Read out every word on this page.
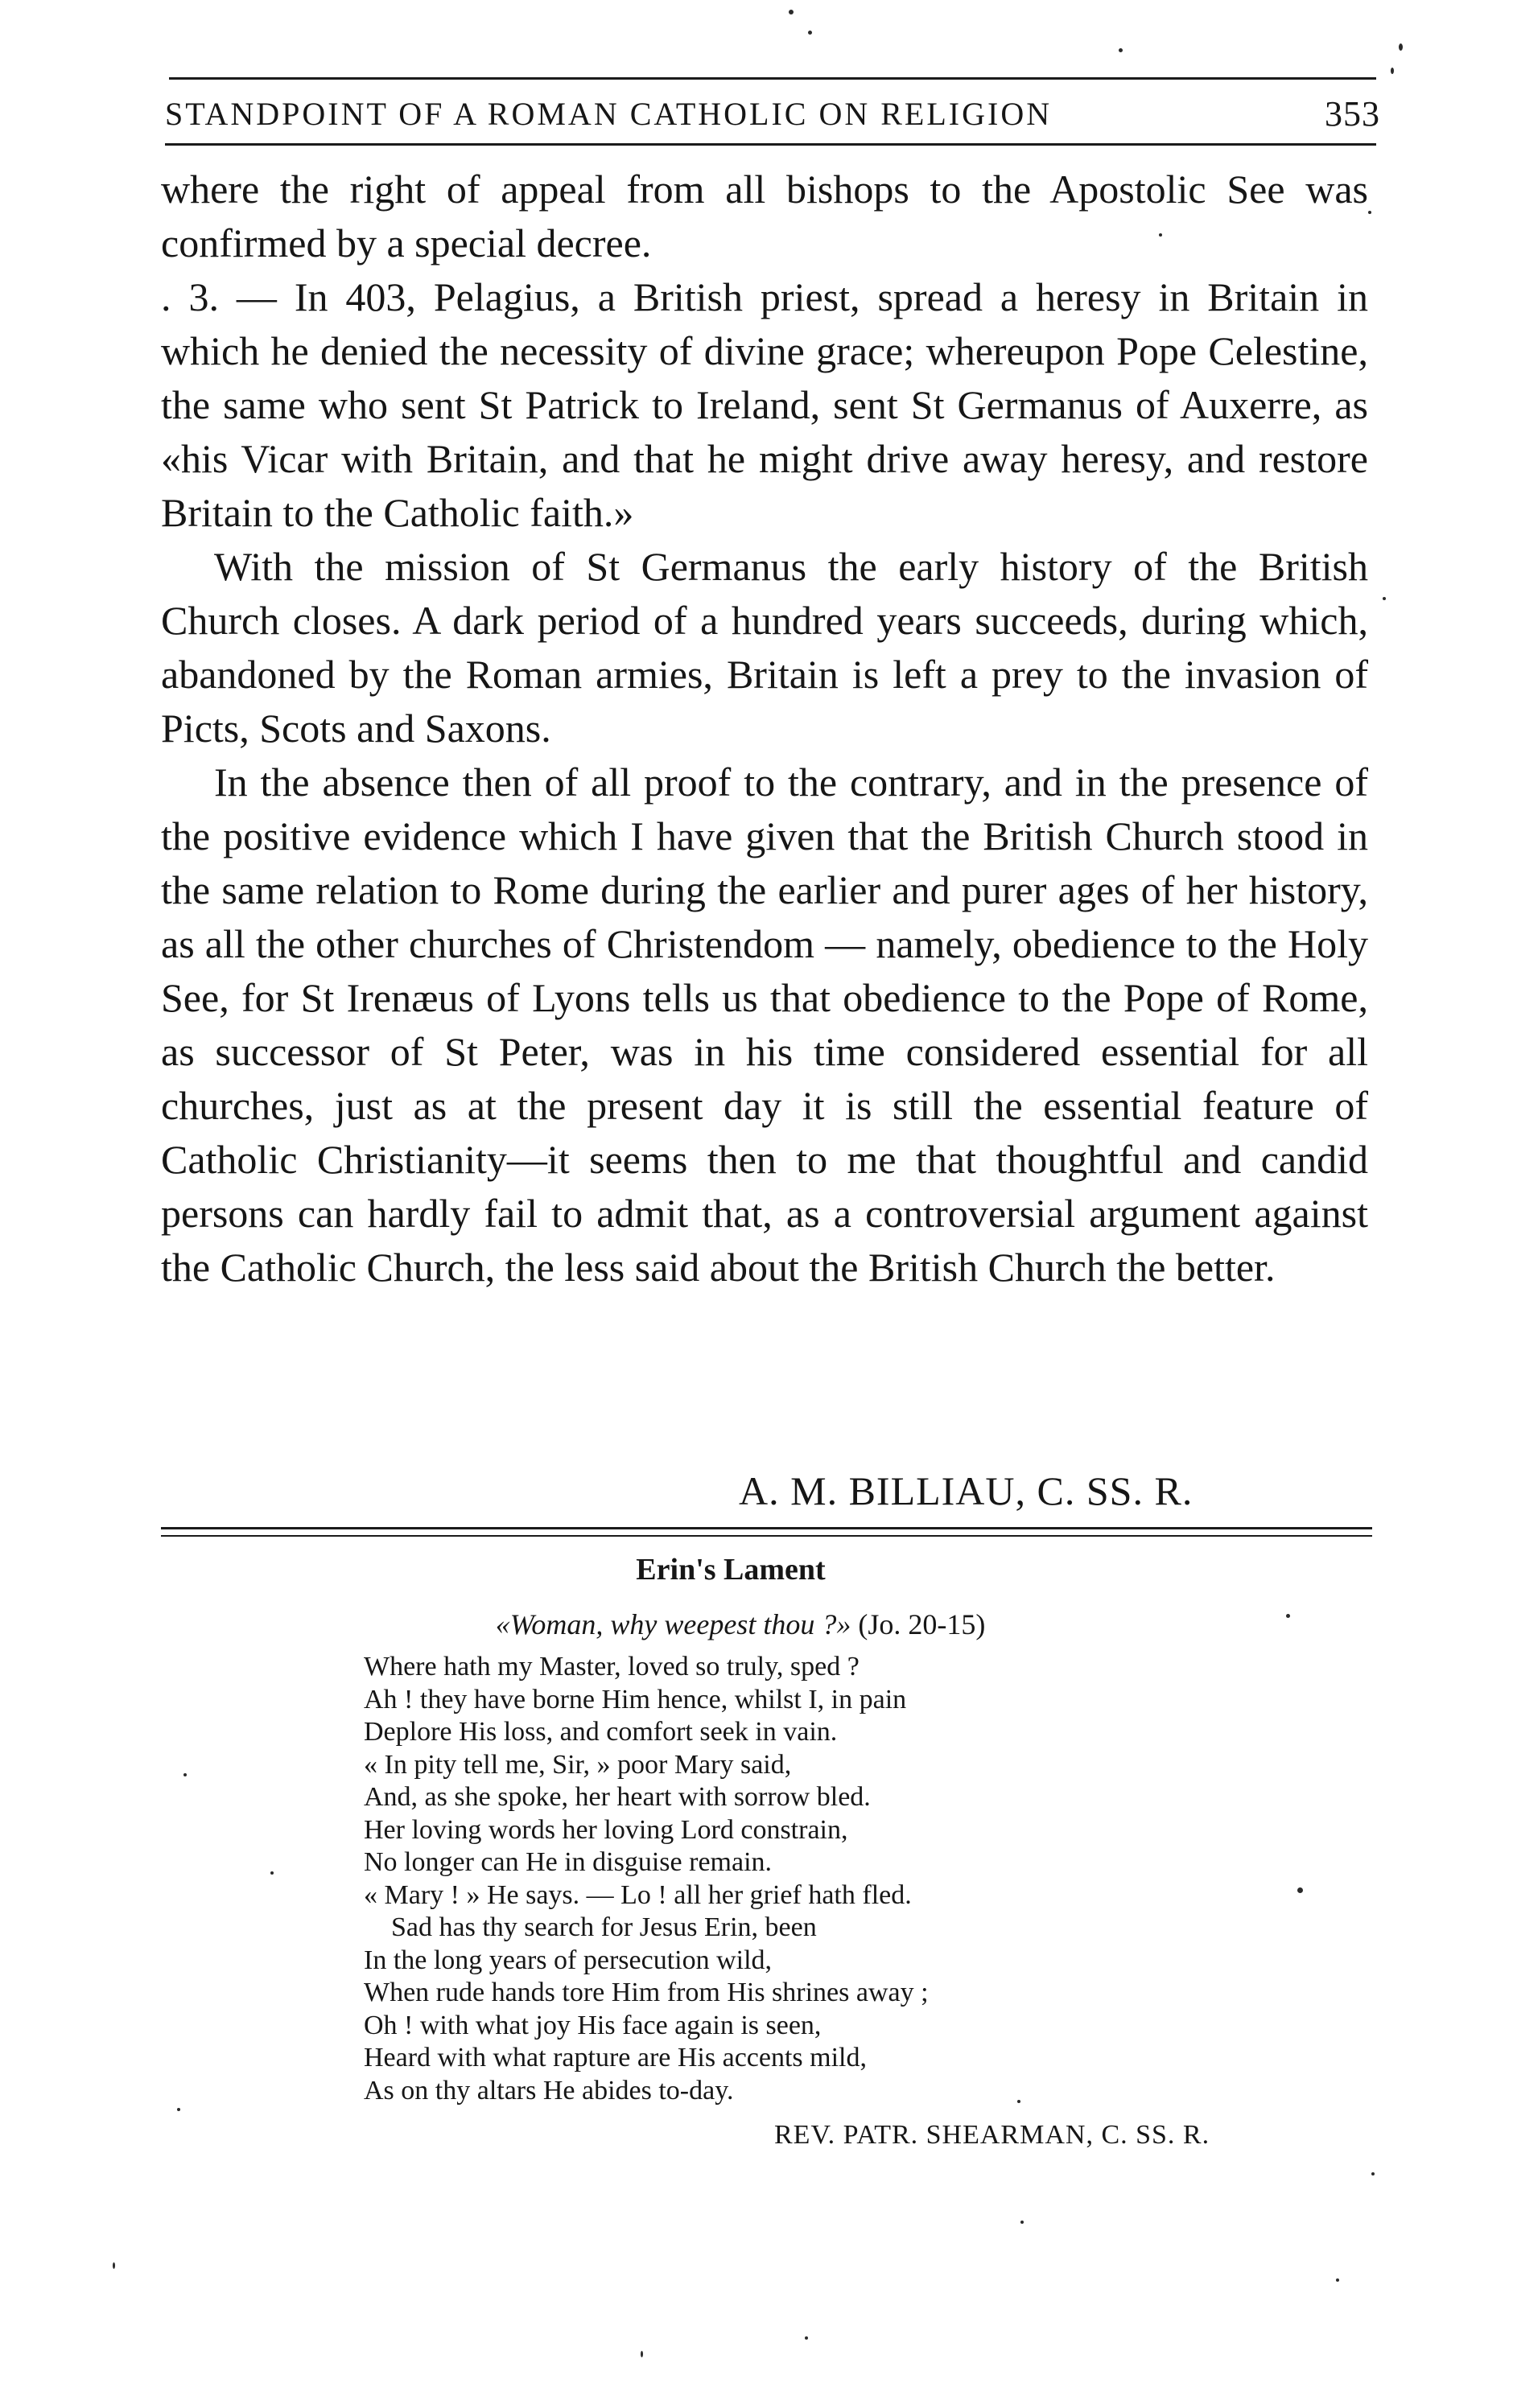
STANDPOINT OF A ROMAN CATHOLIC ON RELIGION	353

where the right of appeal from all bishops to the Apostolic See was confirmed by a special decree.

. 3. — In 403, Pelagius, a British priest, spread a heresy in Britain in which he denied the necessity of divine grace; whereupon Pope Celestine, the same who sent St Patrick to Ireland, sent St Germanus of Auxerre, as «his Vicar with Britain, and that he might drive away heresy, and restore Britain to the Catholic faith.»

With the mission of St Germanus the early history of the British Church closes. A dark period of a hundred years succeeds, during which, abandoned by the Roman armies, Britain is left a prey to the invasion of Picts, Scots and Saxons.

In the absence then of all proof to the contrary, and in the presence of the positive evidence which I have given that the British Church stood in the same relation to Rome during the earlier and purer ages of her history, as all the other churches of Christendom — namely, obedience to the Holy See, for St Irenæus of Lyons tells us that obedience to the Pope of Rome, as successor of St Peter, was in his time considered essential for all churches, just as at the present day it is still the essential feature of Catholic Christianity—it seems then to me that thoughtful and candid persons can hardly fail to admit that, as a controversial argument against the Catholic Church, the less said about the British Church the better.

A. M. BILLIAU, C. SS. R.
Erin's Lament
«Woman, why weepest thou ?» (Jo. 20-15)
Where hath my Master, loved so truly, sped ?
Ah ! they have borne Him hence, whilst I, in pain
Deplore His loss, and comfort seek in vain.
« In pity tell me, Sir, » poor Mary said,
And, as she spoke, her heart with sorrow bled.
Her loving words her loving Lord constrain,
No longer can He in disguise remain.
« Mary ! » He says. — Lo ! all her grief hath fled.
Sad has thy search for Jesus Erin, been
In the long years of persecution wild,
When rude hands tore Him from His shrines away ;
Oh ! with what joy His face again is seen,
Heard with what rapture are His accents mild,
As on thy altars He abides to-day.
REV. PATR. SHEARMAN, C. SS. R.
